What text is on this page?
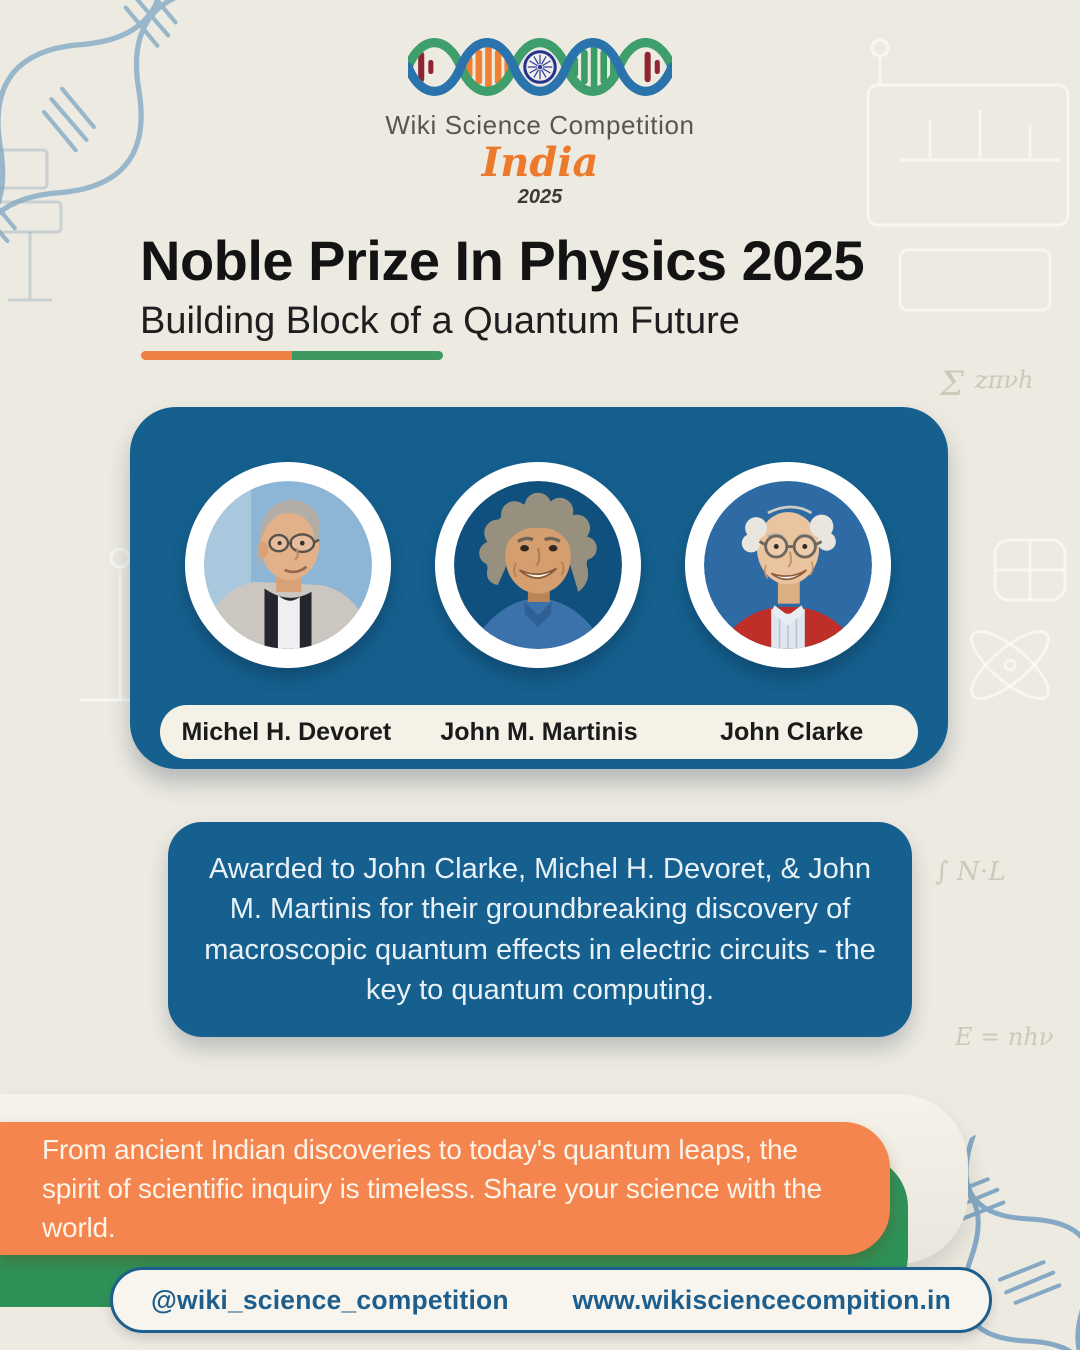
Σ zπνh
∫ N⋅L
E = nhν
Wiki Science Competition
India
2025
Noble Prize In Physics 2025
Building Block of a Quantum Future
Michel H. Devoret	John M. Martinis	John Clarke

Awarded to John Clarke, Michel H. Devoret, & John M. Martinis for their groundbreaking discovery of macroscopic quantum effects in electric circuits - the key to quantum computing.

From ancient Indian discoveries to today's quantum leaps, the spirit of scientific inquiry is timeless. Share your science with the world.

@wiki_science_competition www.wikisciencecompition.in
